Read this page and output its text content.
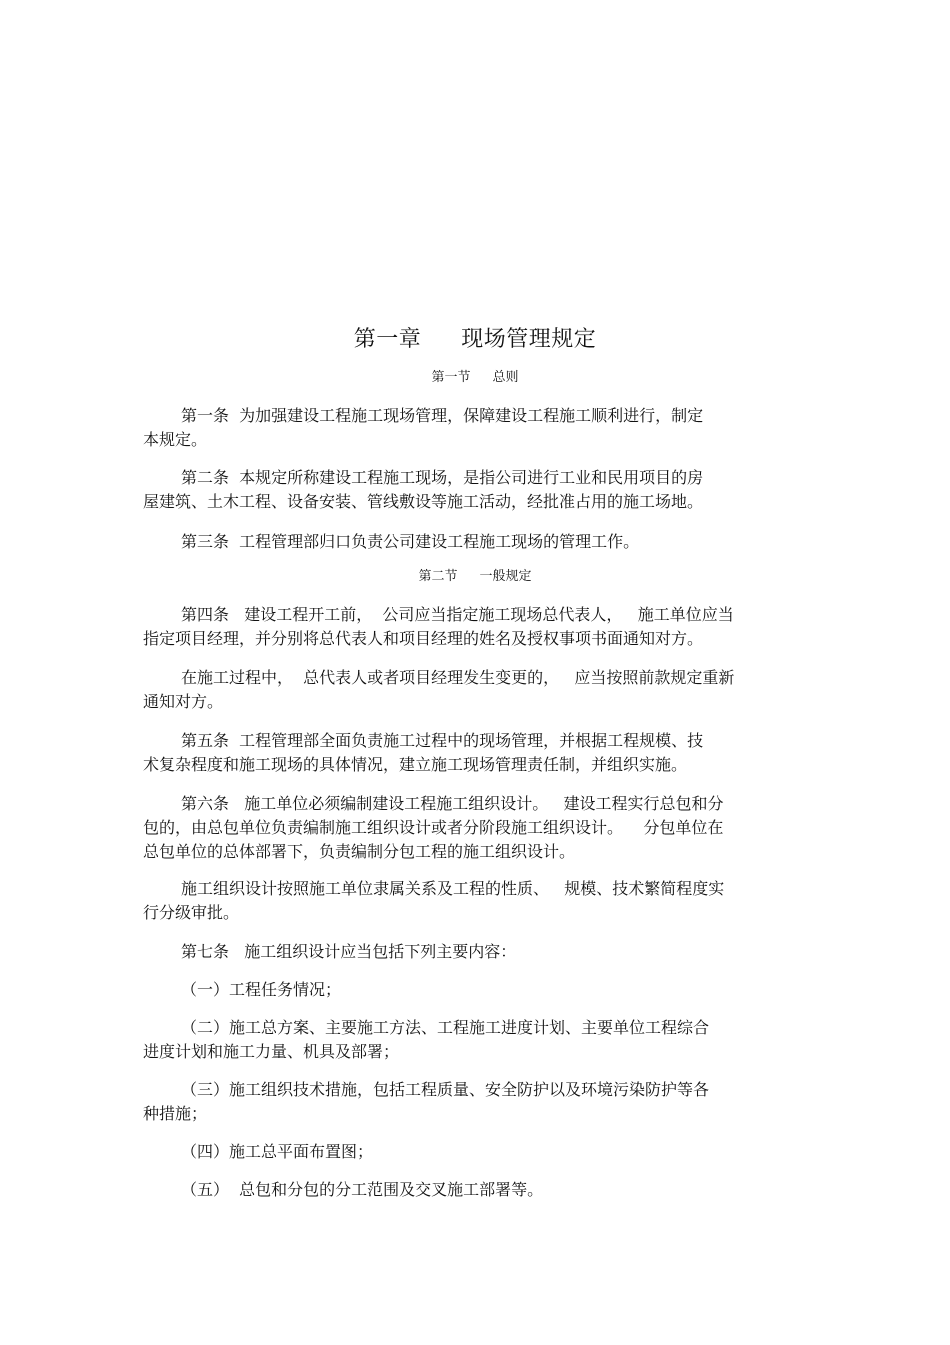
第一章 现场管理规定
第一节 总则
第一条  为加强建设工程施工现场管理，保障建设工程施工顺利进行，制定
本规定。
第二条  本规定所称建设工程施工现场，是指公司进行工业和民用项目的房
屋建筑、土木工程、设备安装、管线敷设等施工活动，经批准占用的施工场地。
第三条  工程管理部归口负责公司建设工程施工现场的管理工作。
第二节 一般规定
第四条   建设工程开工前，  公司应当指定施工现场总代表人，   施工单位应当
指定项目经理，并分别将总代表人和项目经理的姓名及授权事项书面通知对方。
在施工过程中，  总代表人或者项目经理发生变更的，   应当按照前款规定重新
通知对方。
第五条  工程管理部全面负责施工过程中的现场管理，并根据工程规模、技
术复杂程度和施工现场的具体情况，建立施工现场管理责任制，并组织实施。
第六条   施工单位必须编制建设工程施工组织设计。   建设工程实行总包和分
包的，由总包单位负责编制施工组织设计或者分阶段施工组织设计。    分包单位在
总包单位的总体部署下，负责编制分包工程的施工组织设计。
施工组织设计按照施工单位隶属关系及工程的性质、   规模、技术繁简程度实
行分级审批。
第七条   施工组织设计应当包括下列主要内容：
（一）工程任务情况；
（二）施工总方案、主要施工方法、工程施工进度计划、主要单位工程综合
进度计划和施工力量、机具及部署；
（三）施工组织技术措施，包括工程质量、安全防护以及环境污染防护等各
种措施；
（四）施工总平面布置图；
（五）  总包和分包的分工范围及交叉施工部署等。
